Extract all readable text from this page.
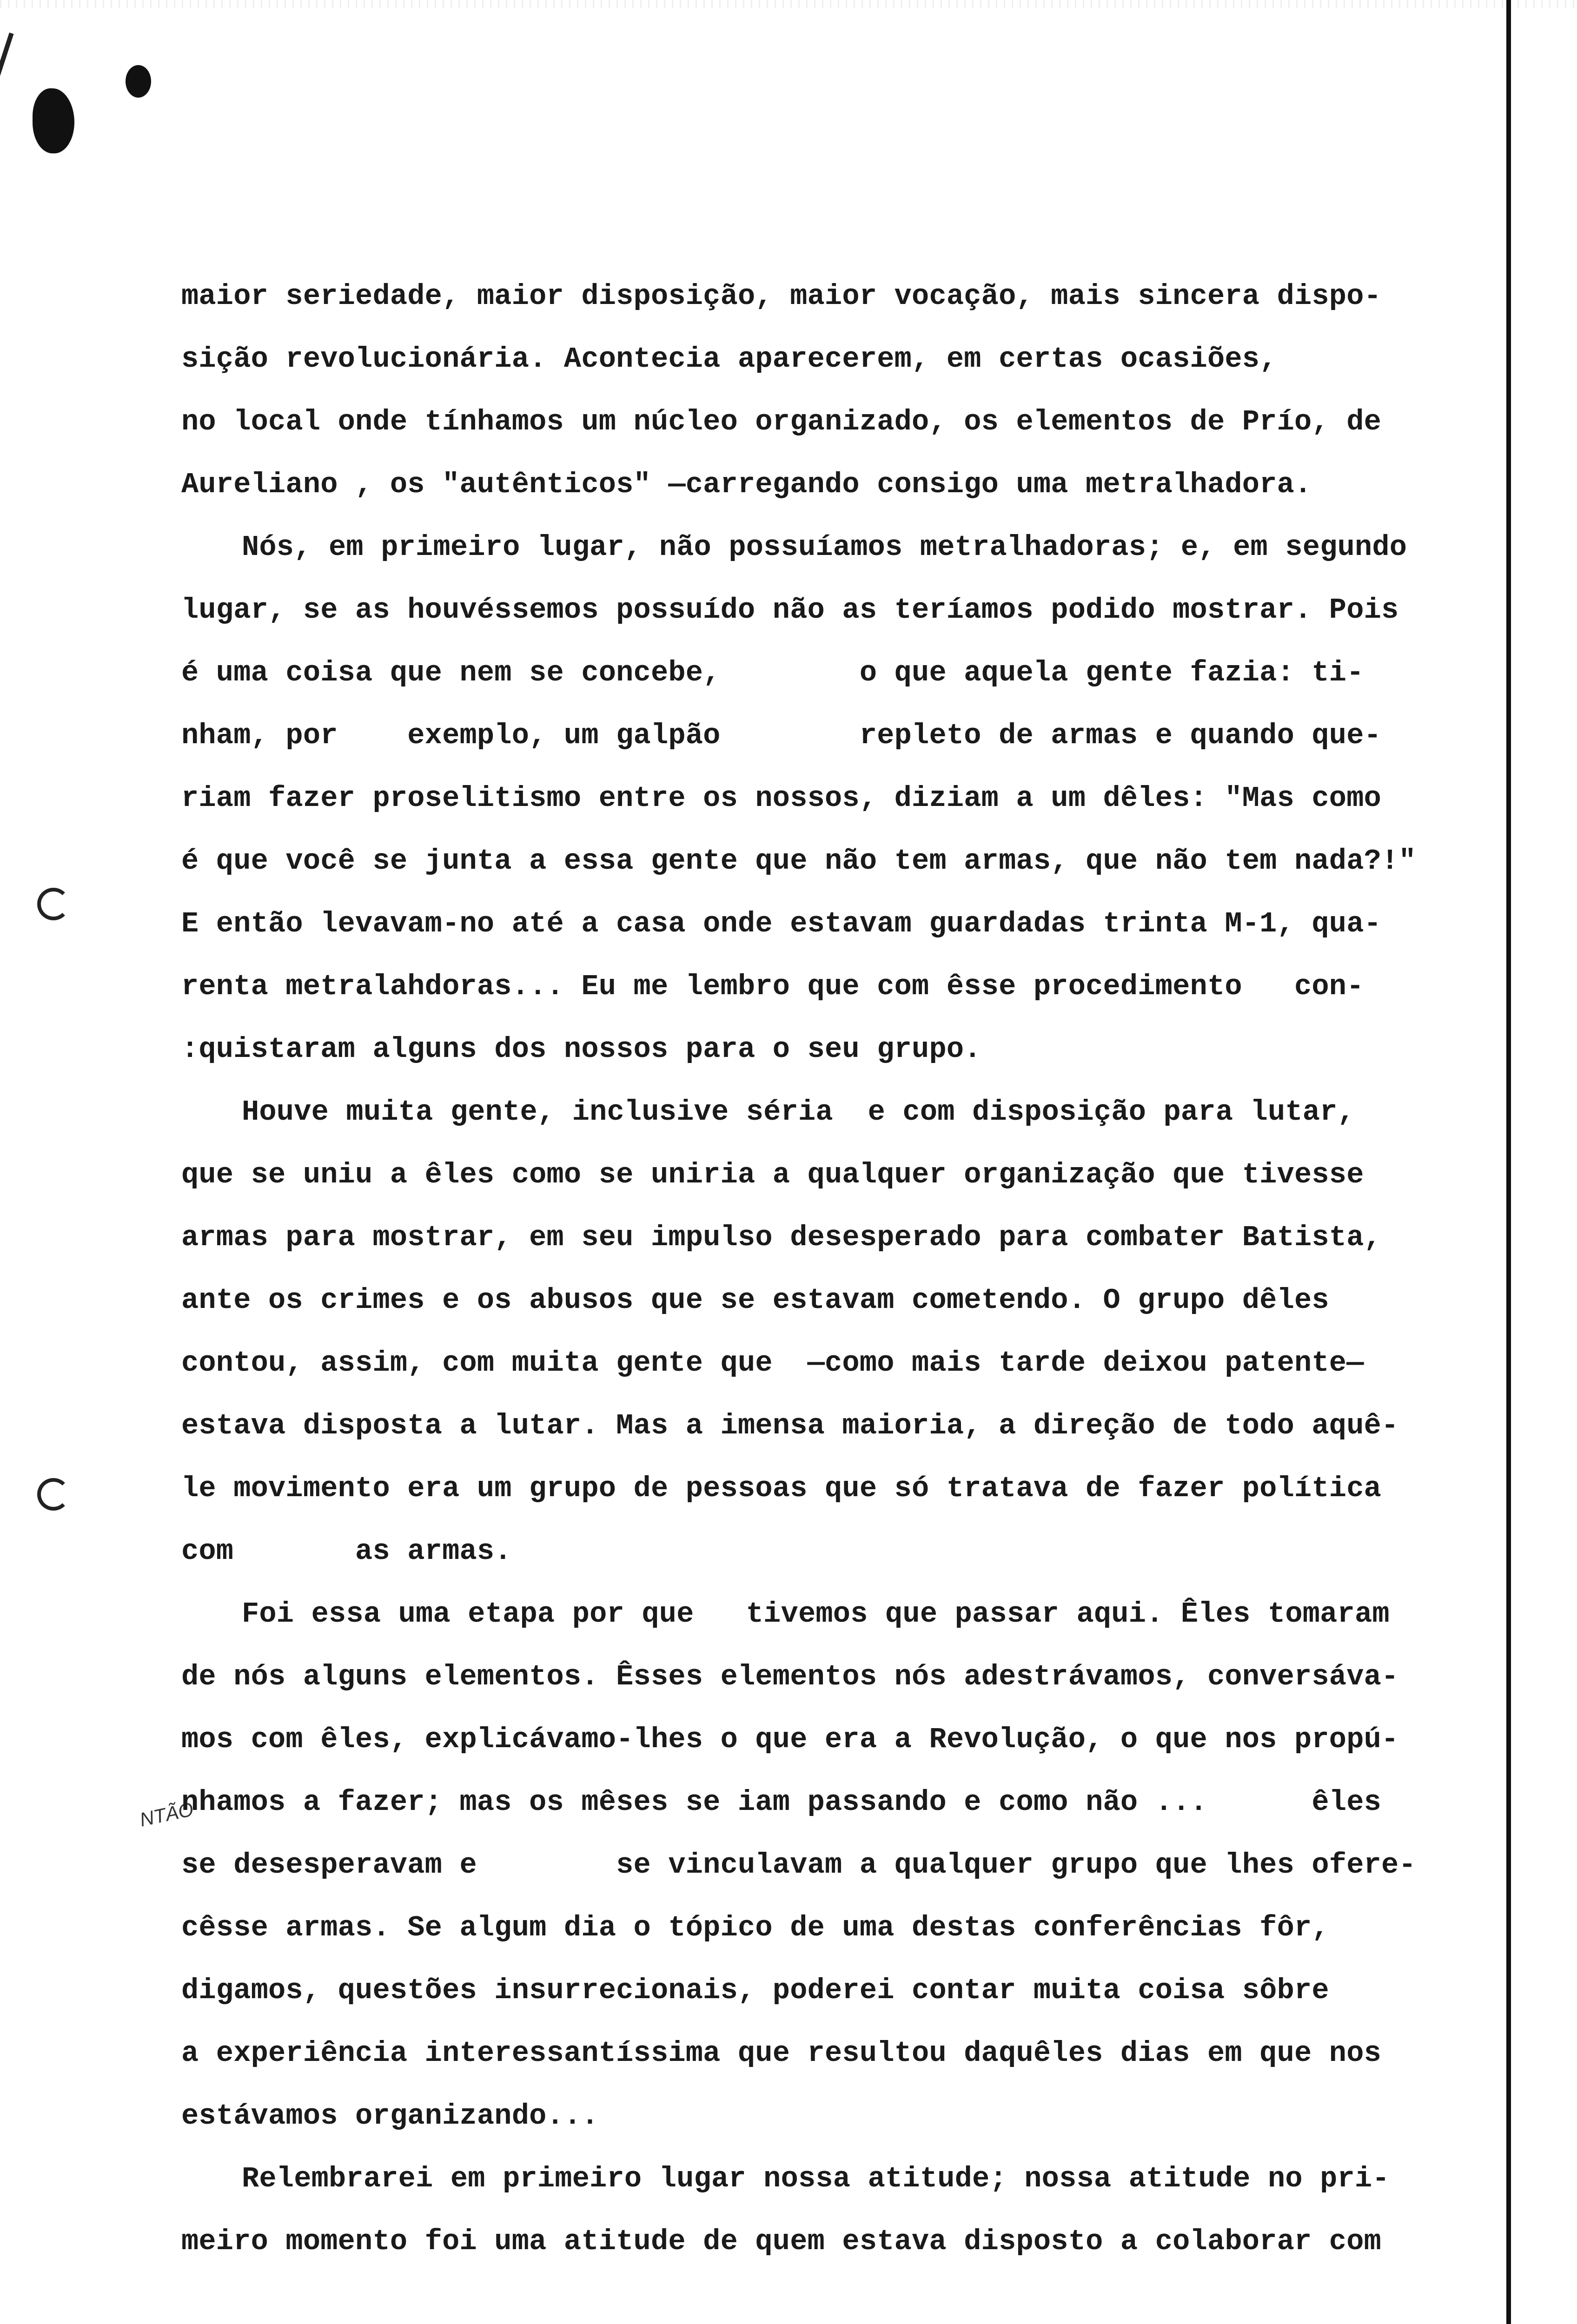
NTÃO
maior seriedade, maior disposição, maior vocação, mais sincera dispo-
sição revolucionária. Acontecia aparecerem, em certas ocasiões,
no local onde tínhamos um núcleo organizado, os elementos de Prío, de
Aureliano , os "autênticos" —carregando consigo uma metralhadora.
Nós, em primeiro lugar, não possuíamos metralhadoras; e, em segundo
lugar, se as houvéssemos possuído não as teríamos podido mostrar. Pois
é uma coisa que nem se concebe,        o que aquela gente fazia: ti-
nham, por    exemplo, um galpão        repleto de armas e quando que-
riam fazer proselitismo entre os nossos, diziam a um dêles: "Mas como
é que você se junta a essa gente que não tem armas, que não tem nada?!"
E então levavam-no até a casa onde estavam guardadas trinta M-1, qua-
renta metralahdoras... Eu me lembro que com êsse procedimento   con-
:quistaram alguns dos nossos para o seu grupo.
Houve muita gente, inclusive séria  e com disposição para lutar,
que se uniu a êles como se uniria a qualquer organização que tivesse
armas para mostrar, em seu impulso desesperado para combater Batista,
ante os crimes e os abusos que se estavam cometendo. O grupo dêles
contou, assim, com muita gente que  —como mais tarde deixou patente—
estava disposta a lutar. Mas a imensa maioria, a direção de todo aquê-
le movimento era um grupo de pessoas que só tratava de fazer política
com       as armas.
Foi essa uma etapa por que   tivemos que passar aqui. Êles tomaram
de nós alguns elementos. Êsses elementos nós adestrávamos, conversáva-
mos com êles, explicávamo-lhes o que era a Revolução, o que nos propú-
nhamos a fazer; mas os mêses se iam passando e como não ...      êles
se desesperavam e        se vinculavam a qualquer grupo que lhes ofere-
cêsse armas. Se algum dia o tópico de uma destas conferências fôr,
digamos, questões insurrecionais, poderei contar muita coisa sôbre
a experiência interessantíssima que resultou daquêles dias em que nos
estávamos organizando...
Relembrarei em primeiro lugar nossa atitude; nossa atitude no pri-
meiro momento foi uma atitude de quem estava disposto a colaborar com
